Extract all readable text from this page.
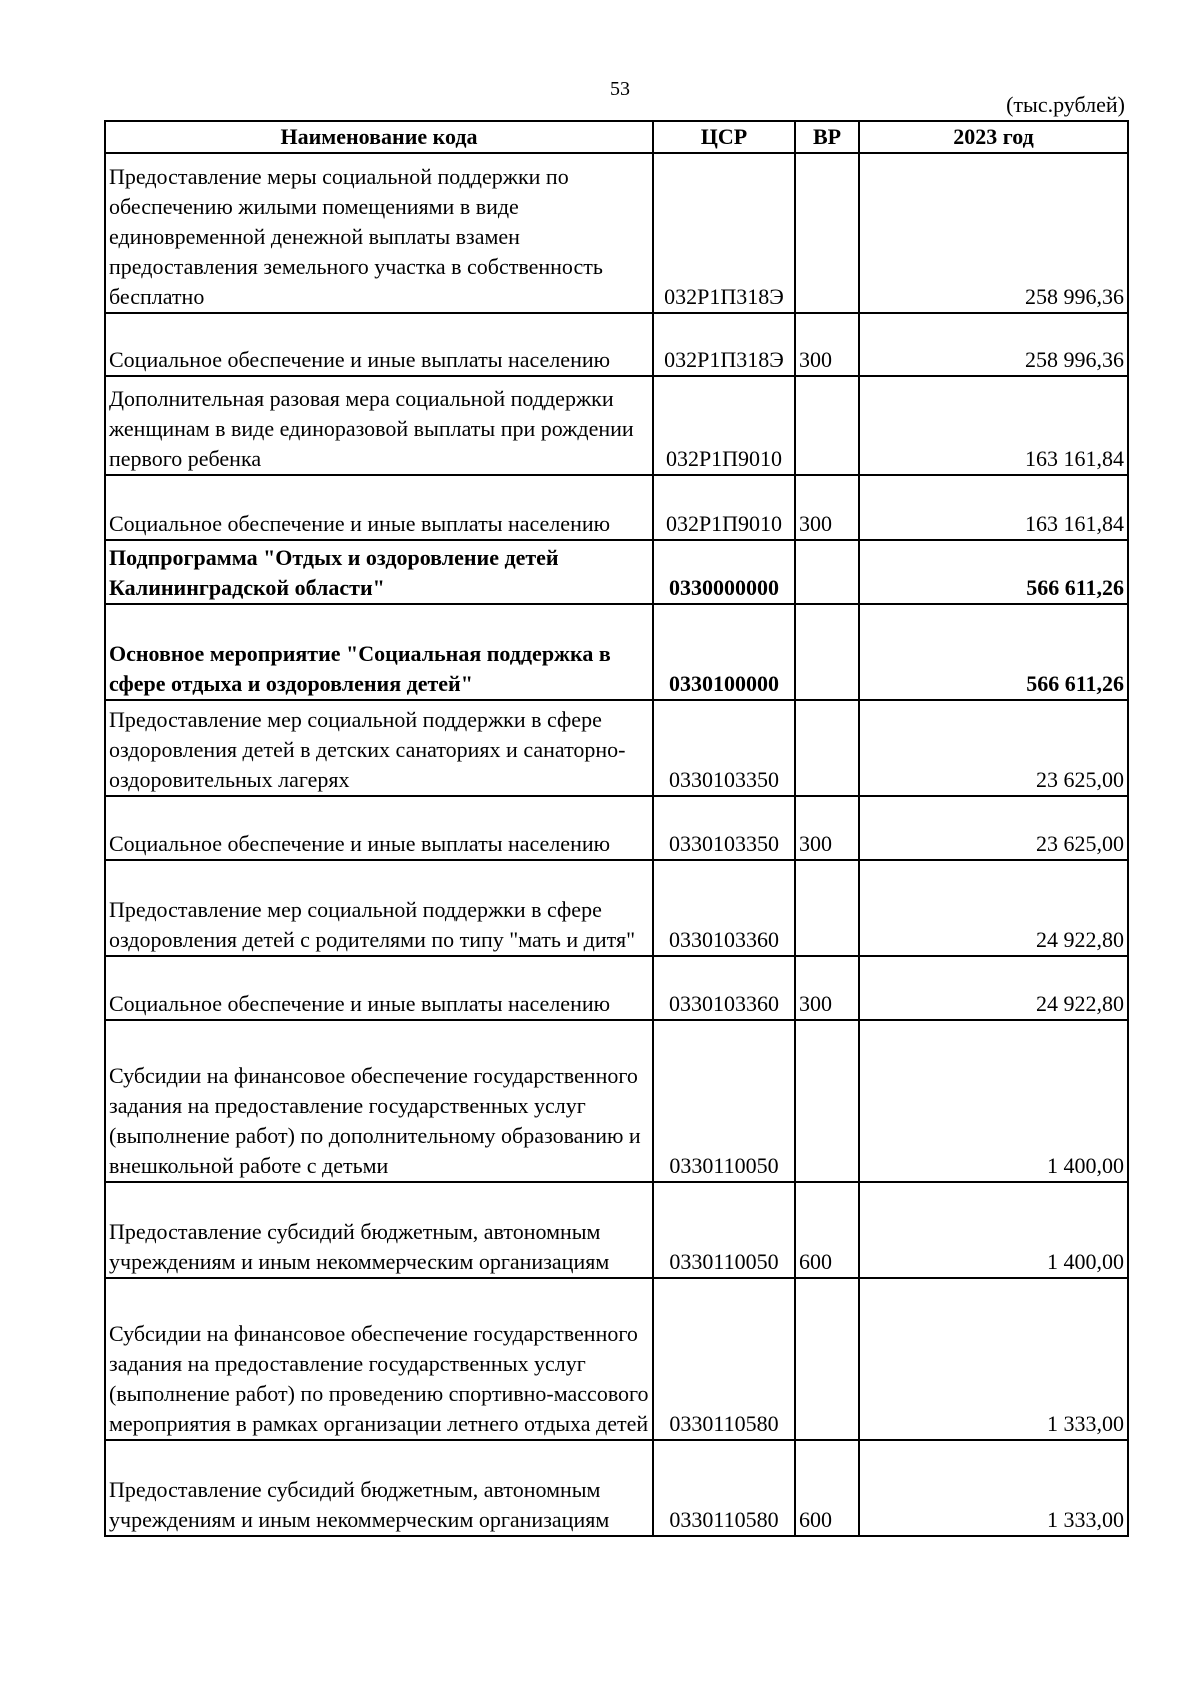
53
(тыс.рублей)
Наименование кода	ЦСР	ВР	2023 год
Предоставление меры социальной поддержки по обеспечению жилыми помещениями в виде единовременной денежной выплаты взамен предоставления земельного участка в собственность бесплатно	032Р1П318Э		258 996,36
Социальное обеспечение и иные выплаты населению	032Р1П318Э	300	258 996,36
Дополнительная разовая мера социальной поддержки женщинам в виде единоразовой выплаты при рождении первого ребенка	032Р1П9010		163 161,84
Социальное обеспечение и иные выплаты населению	032Р1П9010	300	163 161,84
Подпрограмма "Отдых и оздоровление детей Калининградской области"	0330000000		566 611,26
Основное мероприятие "Социальная поддержка в сфере отдыха и оздоровления детей"	0330100000		566 611,26
Предоставление мер социальной поддержки в сфере оздоровления детей в детских санаториях и санаторно-оздоровительных лагерях	0330103350		23 625,00
Социальное обеспечение и иные выплаты населению	0330103350	300	23 625,00
Предоставление мер социальной поддержки в сфере оздоровления детей с родителями по типу "мать и дитя"	0330103360		24 922,80
Социальное обеспечение и иные выплаты населению	0330103360	300	24 922,80
Субсидии на финансовое обеспечение государственного задания на предоставление государственных услуг (выполнение работ) по дополнительному образованию и внешкольной работе с детьми	0330110050		1 400,00
Предоставление субсидий бюджетным, автономным учреждениям и иным некоммерческим организациям	0330110050	600	1 400,00
Субсидии на финансовое обеспечение государственного задания на предоставление государственных услуг (выполнение работ) по проведению спортивно-массового мероприятия в рамках организации летнего отдыха детей	0330110580		1 333,00
Предоставление субсидий бюджетным, автономным учреждениям и иным некоммерческим организациям	0330110580	600	1 333,00
